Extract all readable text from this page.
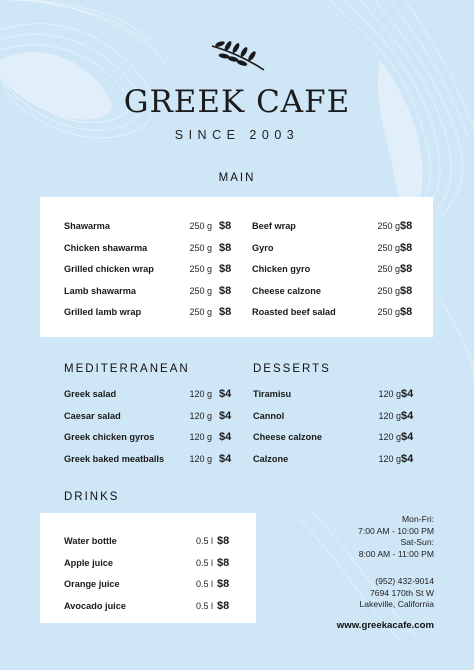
GREEK CAFE
SINCE 2003
MAIN
Shawarma	250 g $8
Chicken shawarma	250 g $8
Grilled chicken wrap	250 g $8
Lamb shawarma	250 g $8
Grilled lamb wrap	250 g $8
Beef wrap	250 g $8
Gyro	250 g $8
Chicken gyro	250 g $8
Cheese calzone	250 g $8
Roasted beef salad	250 g $8
MEDITERRANEAN
Greek salad	120 g $4
Caesar salad	120 g $4
Greek chicken gyros	120 g $4
Greek baked meatballs	120 g $4
DESSERTS
Tiramisu	120 g $4
Cannol	120 g $4
Cheese calzone	120 g $4
Calzone	120 g $4
DRINKS
Water bottle	0.5 l $8
Apple juice	0.5 l $8
Orange juice	0.5 l $8
Avocado juice	0.5 l $8
Mon-Fri:
7:00 AM - 10:00 PM
Sat-Sun:
8:00 AM - 11:00 PM
(952) 432-9014
7694 170th St W
Lakeville, California
www.greekacafe.com
